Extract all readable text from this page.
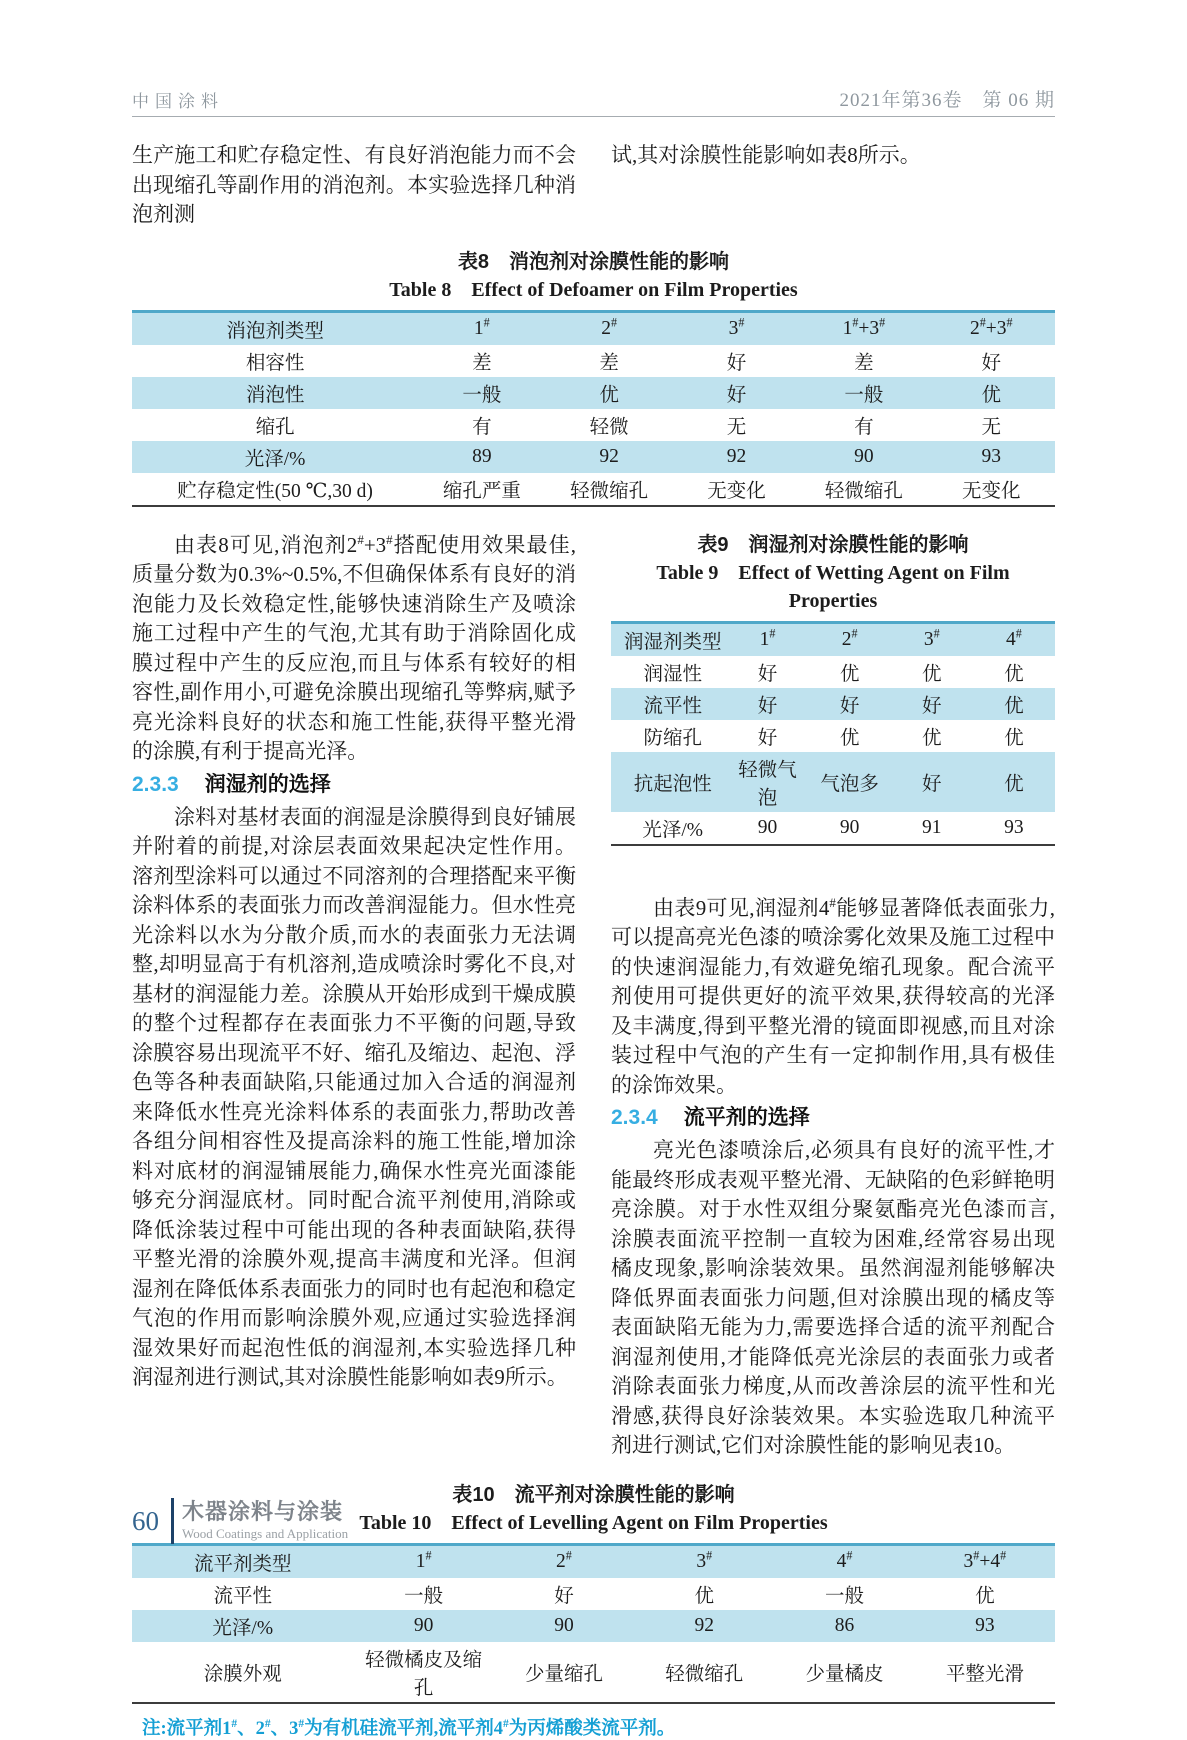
中国涂料	2021年第36卷　第 06 期

生产施工和贮存稳定性、有良好消泡能力而不会出现缩孔等副作用的消泡剂。本实验选择几种消泡剂测

试,其对涂膜性能影响如表8所示。

表8　消泡剂对涂膜性能的影响
Table 8　Effect of Defoamer on Film Properties
消泡剂类型	1#	2#	3#	1#+3#	2#+3#
相容性	差	差	好	差	好
消泡性	一般	优	好	一般	优
缩孔	有	轻微	无	有	无
光泽/%	89	92	92	90	93
贮存稳定性(50 ℃,30 d)	缩孔严重	轻微缩孔	无变化	轻微缩孔	无变化

由表8可见,消泡剂2#+3#搭配使用效果最佳,质量分数为0.3%~0.5%,不但确保体系有良好的消泡能力及长效稳定性,能够快速消除生产及喷涂施工过程中产生的气泡,尤其有助于消除固化成膜过程中产生的反应泡,而且与体系有较好的相容性,副作用小,可避免涂膜出现缩孔等弊病,赋予亮光涂料良好的状态和施工性能,获得平整光滑的涂膜,有利于提高光泽。

2.3.3 润湿剂的选择

涂料对基材表面的润湿是涂膜得到良好铺展并附着的前提,对涂层表面效果起决定性作用。溶剂型涂料可以通过不同溶剂的合理搭配来平衡涂料体系的表面张力而改善润湿能力。但水性亮光涂料以水为分散介质,而水的表面张力无法调整,却明显高于有机溶剂,造成喷涂时雾化不良,对基材的润湿能力差。涂膜从开始形成到干燥成膜的整个过程都存在表面张力不平衡的问题,导致涂膜容易出现流平不好、缩孔及缩边、起泡、浮色等各种表面缺陷,只能通过加入合适的润湿剂来降低水性亮光涂料体系的表面张力,帮助改善各组分间相容性及提高涂料的施工性能,增加涂料对底材的润湿铺展能力,确保水性亮光面漆能够充分润湿底材。同时配合流平剂使用,消除或降低涂装过程中可能出现的各种表面缺陷,获得平整光滑的涂膜外观,提高丰满度和光泽。但润湿剂在降低体系表面张力的同时也有起泡和稳定气泡的作用而影响涂膜外观,应通过实验选择润湿效果好而起泡性低的润湿剂,本实验选择几种润湿剂进行测试,其对涂膜性能影响如表9所示。

表9　润湿剂对涂膜性能的影响
Table 9　Effect of Wetting Agent on Film Properties
润湿剂类型	1#	2#	3#	4#
润湿性	好	优	优	优
流平性	好	好	好	优
防缩孔	好	优	优	优
抗起泡性	轻微气泡	气泡多	好	优
光泽/%	90	90	91	93

由表9可见,润湿剂4#能够显著降低表面张力,可以提高亮光色漆的喷涂雾化效果及施工过程中的快速润湿能力,有效避免缩孔现象。配合流平剂使用可提供更好的流平效果,获得较高的光泽及丰满度,得到平整光滑的镜面即视感,而且对涂装过程中气泡的产生有一定抑制作用,具有极佳的涂饰效果。

2.3.4 流平剂的选择

亮光色漆喷涂后,必须具有良好的流平性,才能最终形成表观平整光滑、无缺陷的色彩鲜艳明亮涂膜。对于水性双组分聚氨酯亮光色漆而言,涂膜表面流平控制一直较为困难,经常容易出现橘皮现象,影响涂装效果。虽然润湿剂能够解决降低界面表面张力问题,但对涂膜出现的橘皮等表面缺陷无能为力,需要选择合适的流平剂配合润湿剂使用,才能降低亮光涂层的表面张力或者消除表面张力梯度,从而改善涂层的流平性和光滑感,获得良好涂装效果。本实验选取几种流平剂进行测试,它们对涂膜性能的影响见表10。

表10　流平剂对涂膜性能的影响
Table 10　Effect of Levelling Agent on Film Properties
流平剂类型	1#	2#	3#	4#	3#+4#
流平性	一般	好	优	一般	优
光泽/%	90	90	92	86	93
涂膜外观	轻微橘皮及缩孔	少量缩孔	轻微缩孔	少量橘皮	平整光滑
注:流平剂1#、2#、3#为有机硅流平剂,流平剂4#为丙烯酸类流平剂。
60 木器涂料与涂装
Wood Coatings and Application
